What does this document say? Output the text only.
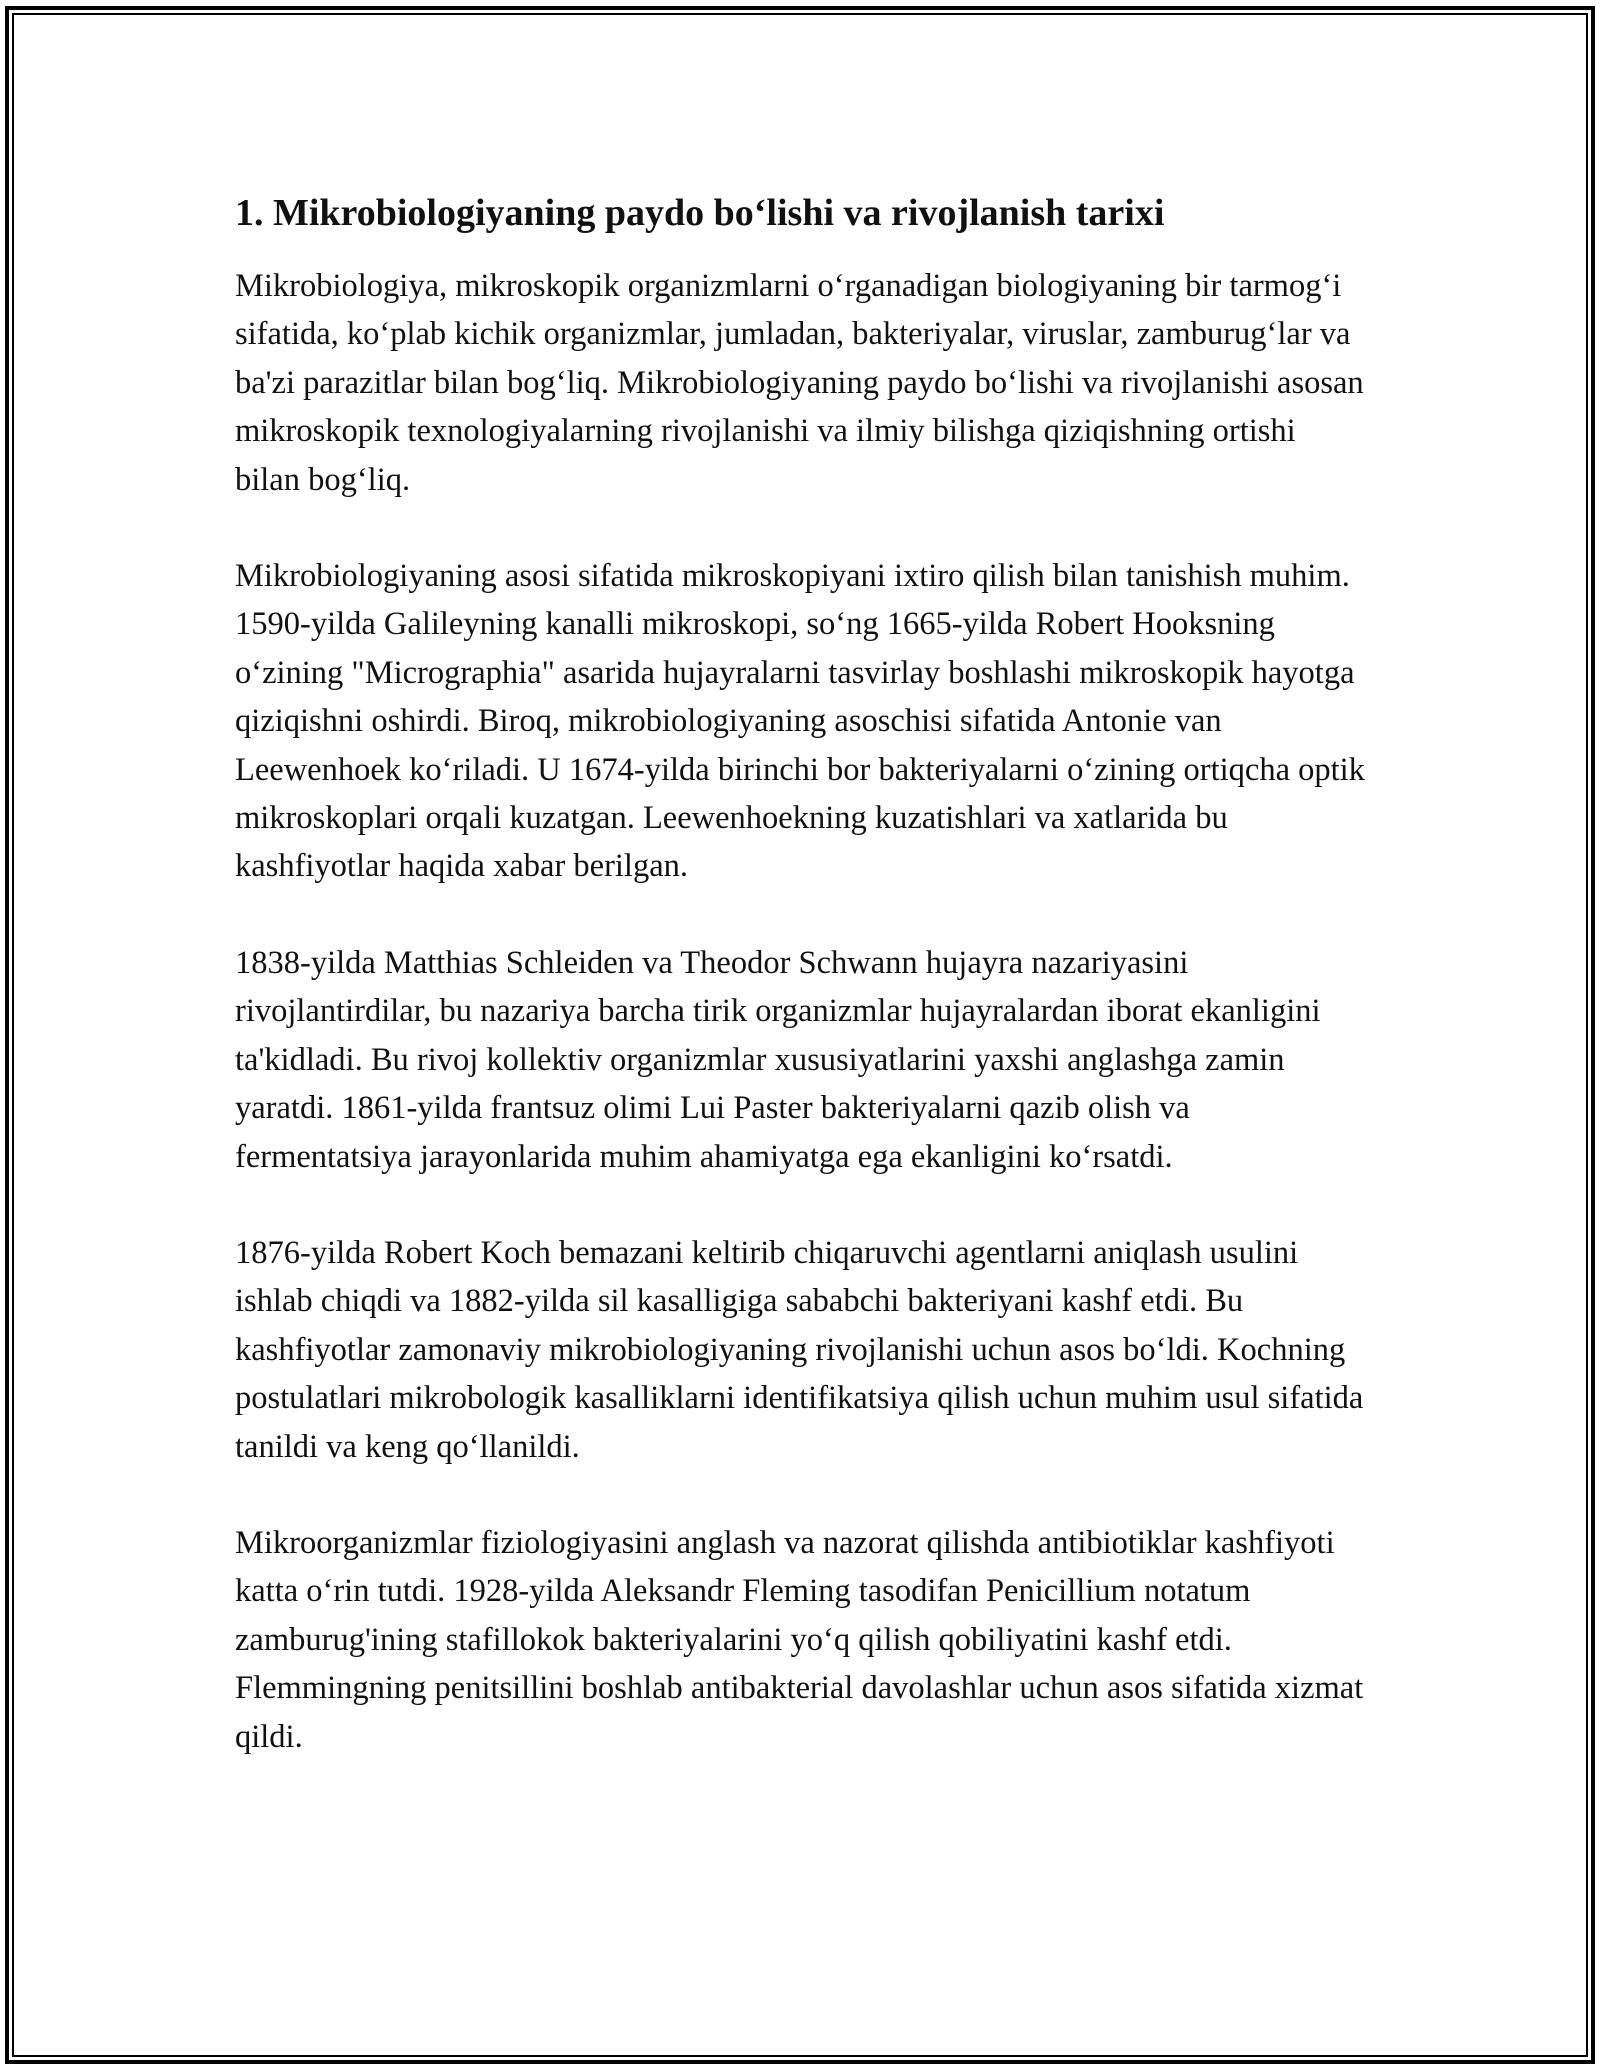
1. Mikrobiologiyaning paydo bo‘lishi va rivojlanish tarixi

Mikrobiologiya, mikroskopik organizmlarni o‘rganadigan biologiyaning bir tarmog‘i sifatida, ko‘plab kichik organizmlar, jumladan, bakteriyalar, viruslar, zamburug‘lar va ba'zi parazitlar bilan bog‘liq. Mikrobiologiyaning paydo bo‘lishi va rivojlanishi asosan mikroskopik texnologiyalarning rivojlanishi va ilmiy bilishga qiziqishning ortishi bilan bog‘liq.

Mikrobiologiyaning asosi sifatida mikroskopiyani ixtiro qilish bilan tanishish muhim. 1590-yilda Galileyning kanalli mikroskopi, so‘ng 1665-yilda Robert Hooksning o‘zining "Micrographia" asarida hujayralarni tasvirlay boshlashi mikroskopik hayotga qiziqishni oshirdi. Biroq, mikrobiologiyaning asoschisi sifatida Antonie van Leewenhoek ko‘riladi. U 1674-yilda birinchi bor bakteriyalarni o‘zining ortiqcha optik mikroskoplari orqali kuzatgan. Leewenhoekning kuzatishlari va xatlarida bu kashfiyotlar haqida xabar berilgan.

1838-yilda Matthias Schleiden va Theodor Schwann hujayra nazariyasini rivojlantirdilar, bu nazariya barcha tirik organizmlar hujayralardan iborat ekanligini ta'kidladi. Bu rivoj kollektiv organizmlar xususiyatlarini yaxshi anglashga zamin yaratdi. 1861-yilda frantsuz olimi Lui Paster bakteriyalarni qazib olish va fermentatsiya jarayonlarida muhim ahamiyatga ega ekanligini ko‘rsatdi.

1876-yilda Robert Koch bemazani keltirib chiqaruvchi agentlarni aniqlash usulini ishlab chiqdi va 1882-yilda sil kasalligiga sababchi bakteriyani kashf etdi. Bu kashfiyotlar zamonaviy mikrobiologiyaning rivojlanishi uchun asos bo‘ldi. Kochning postulatlari mikrobologik kasalliklarni identifikatsiya qilish uchun muhim usul sifatida tanildi va keng qo‘llanildi.

Mikroorganizmlar fiziologiyasini anglash va nazorat qilishda antibiotiklar kashfiyoti katta o‘rin tutdi. 1928-yilda Aleksandr Fleming tasodifan Penicillium notatum zamburug'ining stafillokok bakteriyalarini yo‘q qilish qobiliyatini kashf etdi. Flemmingning penitsillini boshlab antibakterial davolashlar uchun asos sifatida xizmat qildi.
